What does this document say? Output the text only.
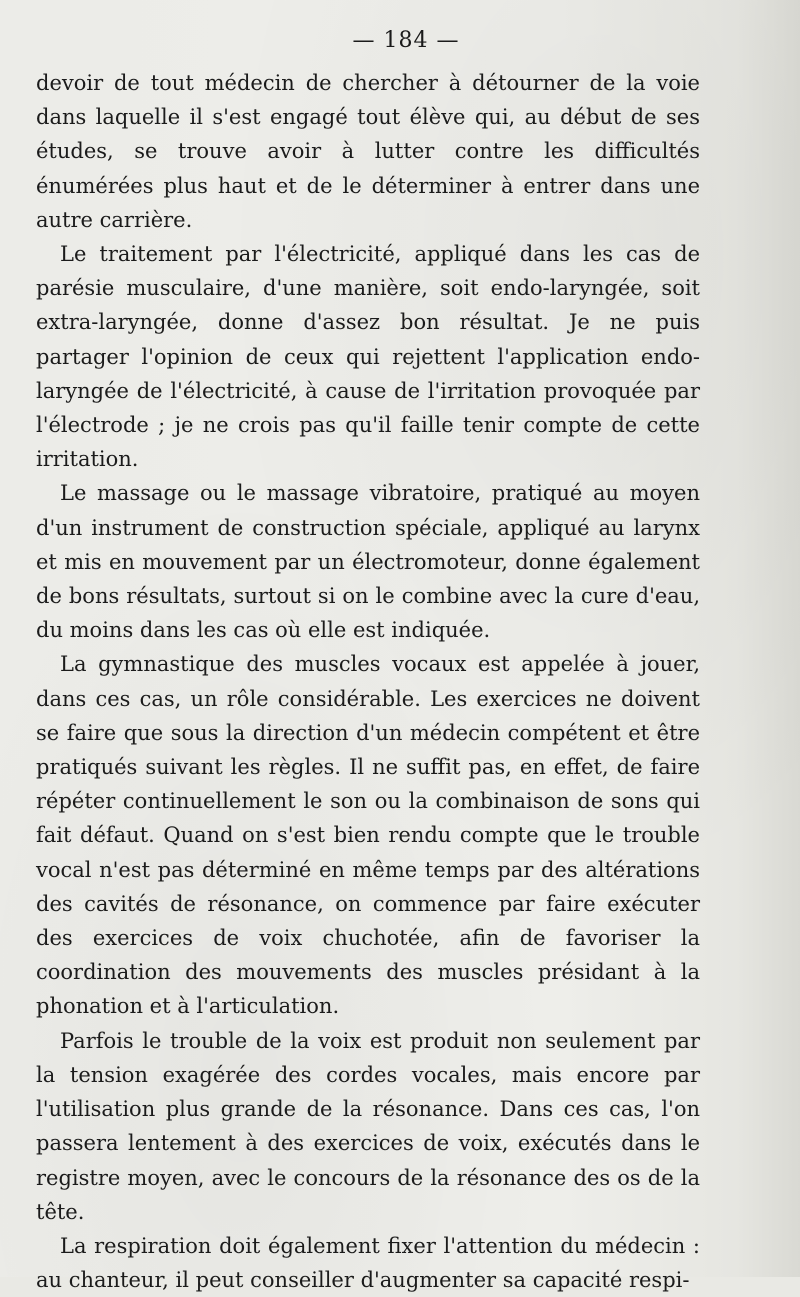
— 184 —

devoir de tout médecin de chercher à détourner de la voie dans laquelle il s'est engagé tout élève qui, au début de ses études, se trouve avoir à lutter contre les difficultés énumérées plus haut et de le déterminer à entrer dans une autre carrière.

Le traitement par l'électricité, appliqué dans les cas de parésie musculaire, d'une manière, soit endo-laryngée, soit extra-laryngée, donne d'assez bon résultat. Je ne puis partager l'opinion de ceux qui rejettent l'application endo-laryngée de l'électricité, à cause de l'irritation provoquée par l'électrode ; je ne crois pas qu'il faille tenir compte de cette irritation.

Le massage ou le massage vibratoire, pratiqué au moyen d'un instrument de construction spéciale, appliqué au larynx et mis en mouvement par un électromoteur, donne également de bons résultats, surtout si on le combine avec la cure d'eau, du moins dans les cas où elle est indiquée.

La gymnastique des muscles vocaux est appelée à jouer, dans ces cas, un rôle considérable. Les exercices ne doivent se faire que sous la direction d'un médecin compétent et être pratiqués suivant les règles. Il ne suffit pas, en effet, de faire répéter continuellement le son ou la combinaison de sons qui fait défaut. Quand on s'est bien rendu compte que le trouble vocal n'est pas déterminé en même temps par des altérations des cavités de résonance, on commence par faire exécuter des exercices de voix chuchotée, afin de favoriser la coordination des mouvements des muscles présidant à la phonation et à l'articulation.

Parfois le trouble de la voix est produit non seulement par la tension exagérée des cordes vocales, mais encore par l'utilisation plus grande de la résonance. Dans ces cas, l'on passera lentement à des exercices de voix, exécutés dans le registre moyen, avec le concours de la résonance des os de la tête.

La respiration doit également fixer l'attention du médecin : au chanteur, il peut conseiller d'augmenter sa capacité respi-
